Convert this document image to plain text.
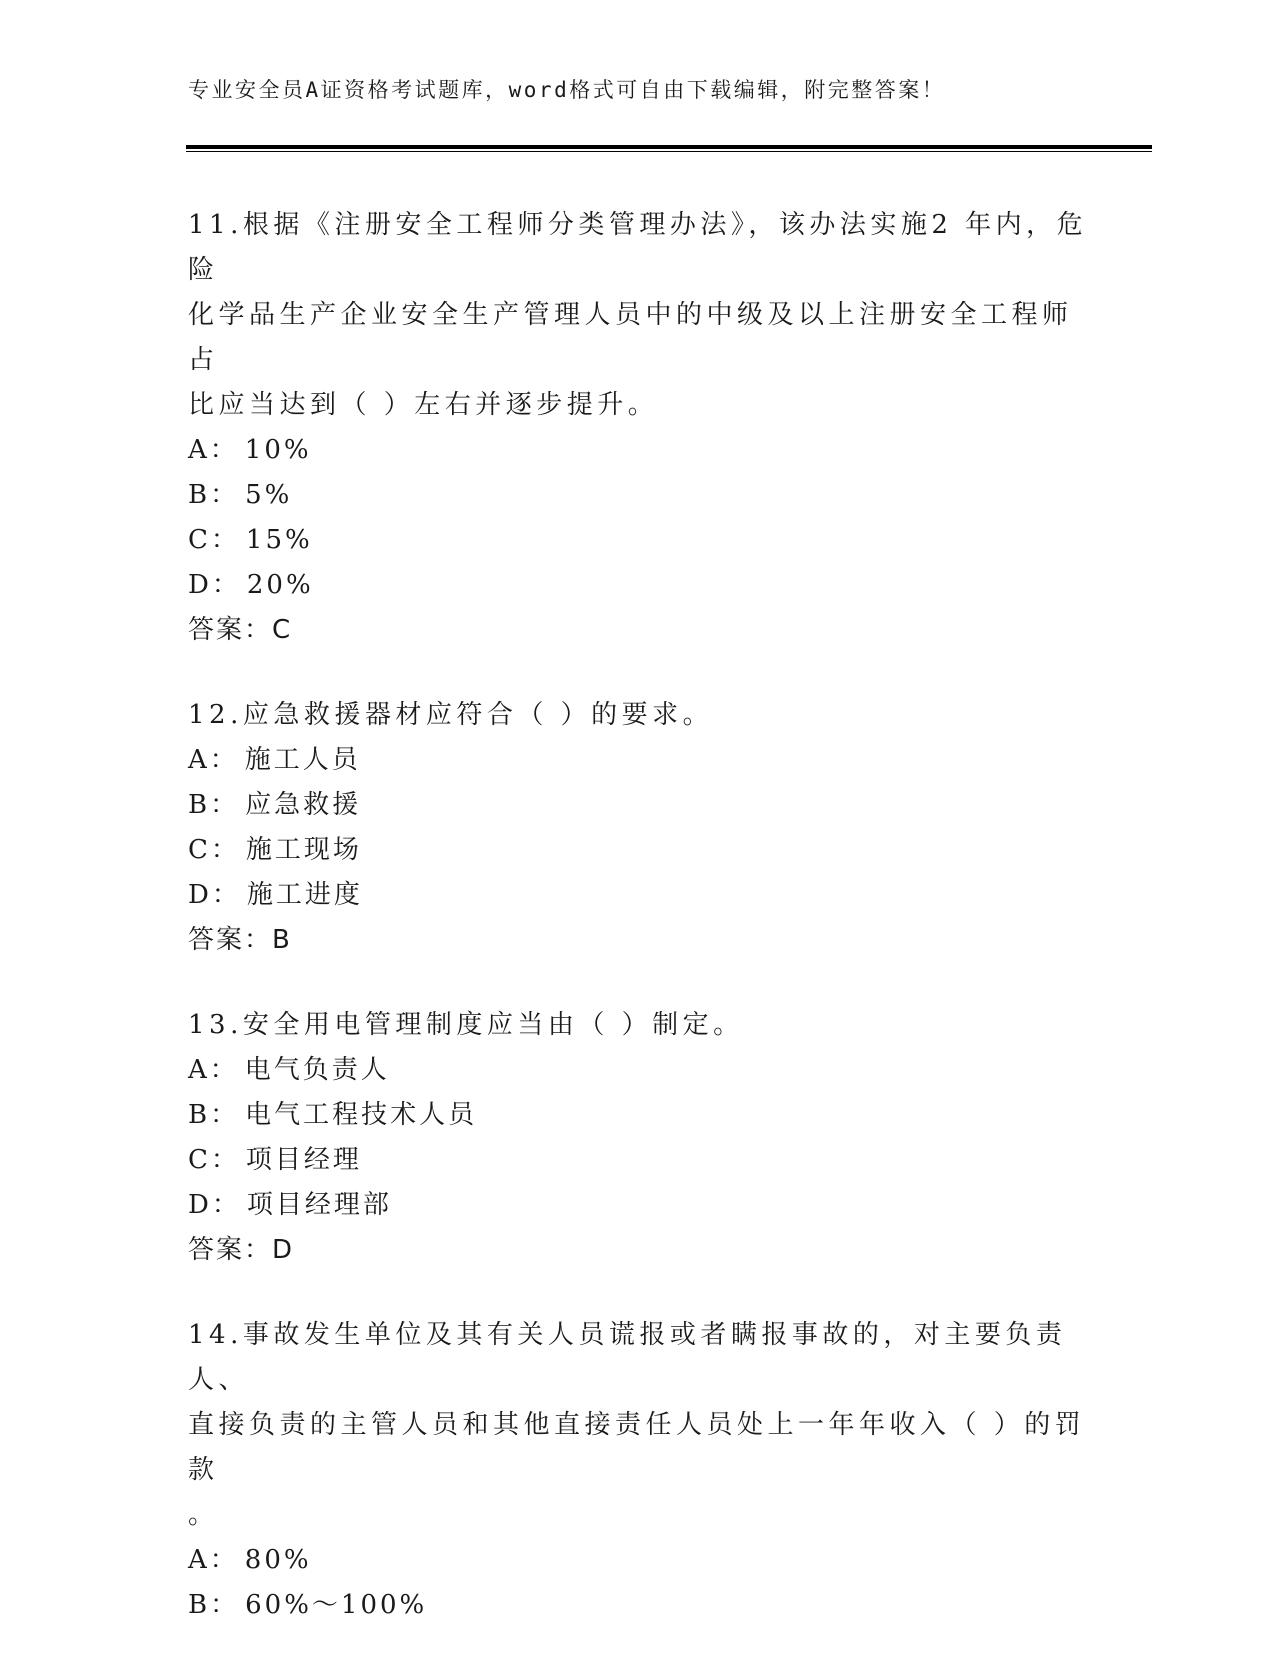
专业安全员A证资格考试题库，word格式可自由下载编辑，附完整答案！

11.根据《注册安全工程师分类管理办法》，该办法实施2 年内，危险

化学品生产企业安全生产管理人员中的中级及以上注册安全工程师占

比应当达到（ ）左右并逐步提升。

A： 10%

B： 5%

C： 15%

D： 20%

答案：C

12.应急救援器材应符合（ ）的要求。

A： 施工人员

B： 应急救援

C： 施工现场

D： 施工进度

答案：B

13.安全用电管理制度应当由（ ）制定。

A： 电气负责人

B： 电气工程技术人员

C： 项目经理

D： 项目经理部

答案：D

14.事故发生单位及其有关人员谎报或者瞒报事故的，对主要负责人、

直接负责的主管人员和其他直接责任人员处上一年年收入（ ）的罚款

。

A： 80%

B： 60%～100%
